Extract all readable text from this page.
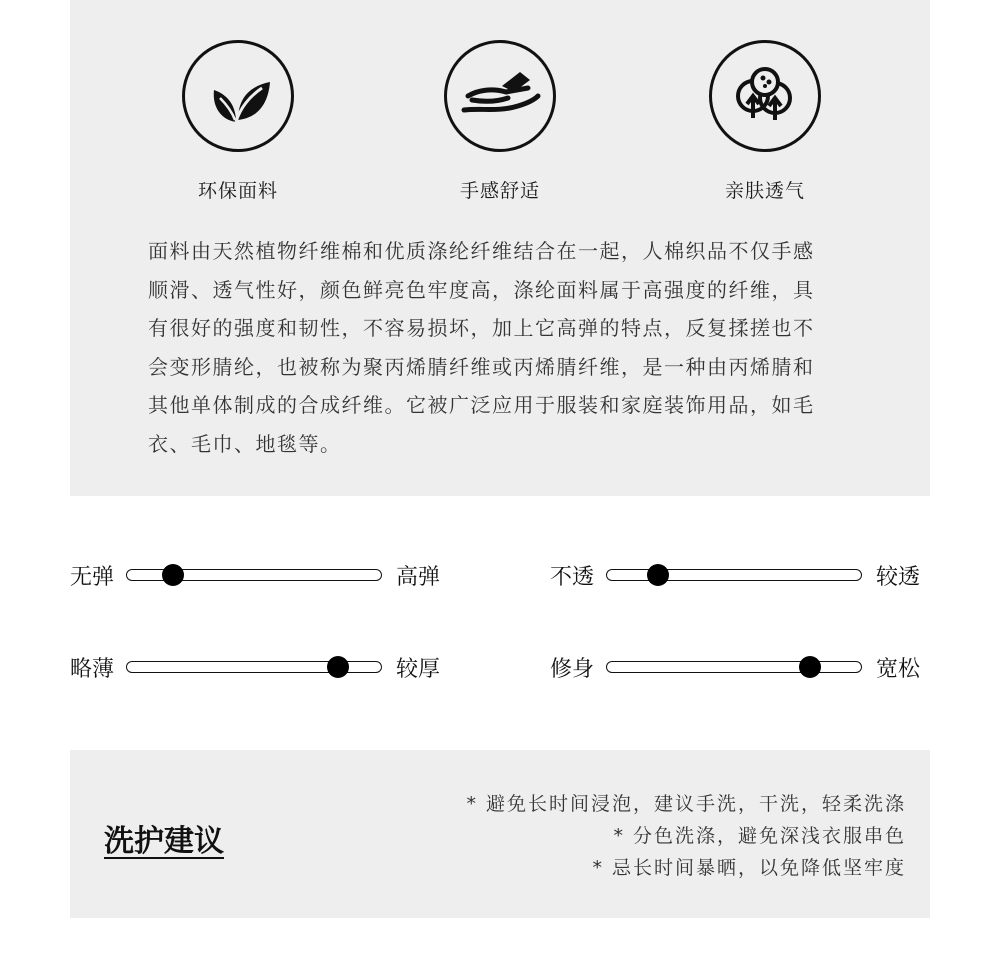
环保面料	手感舒适	亲肤透气
面料由天然植物纤维棉和优质涤纶纤维结合在一起，人棉织品不仅手感
顺滑、透气性好，颜色鲜亮色牢度高，涤纶面料属于高强度的纤维，具
有很好的强度和韧性，不容易损坏，加上它高弹的特点，反复揉搓也不
会变形腈纶，也被称为聚丙烯腈纤维或丙烯腈纤维，是一种由丙烯腈和
其他单体制成的合成纤维。它被广泛应用于服装和家庭装饰用品，如毛
衣、毛巾、地毯等。
无弹	高弹	不透	较透
略薄	较厚	修身	宽松
洗护建议
* 避免长时间浸泡，建议手洗，干洗，轻柔洗涤
* 分色洗涤，避免深浅衣服串色
* 忌长时间暴晒，以免降低坚牢度
